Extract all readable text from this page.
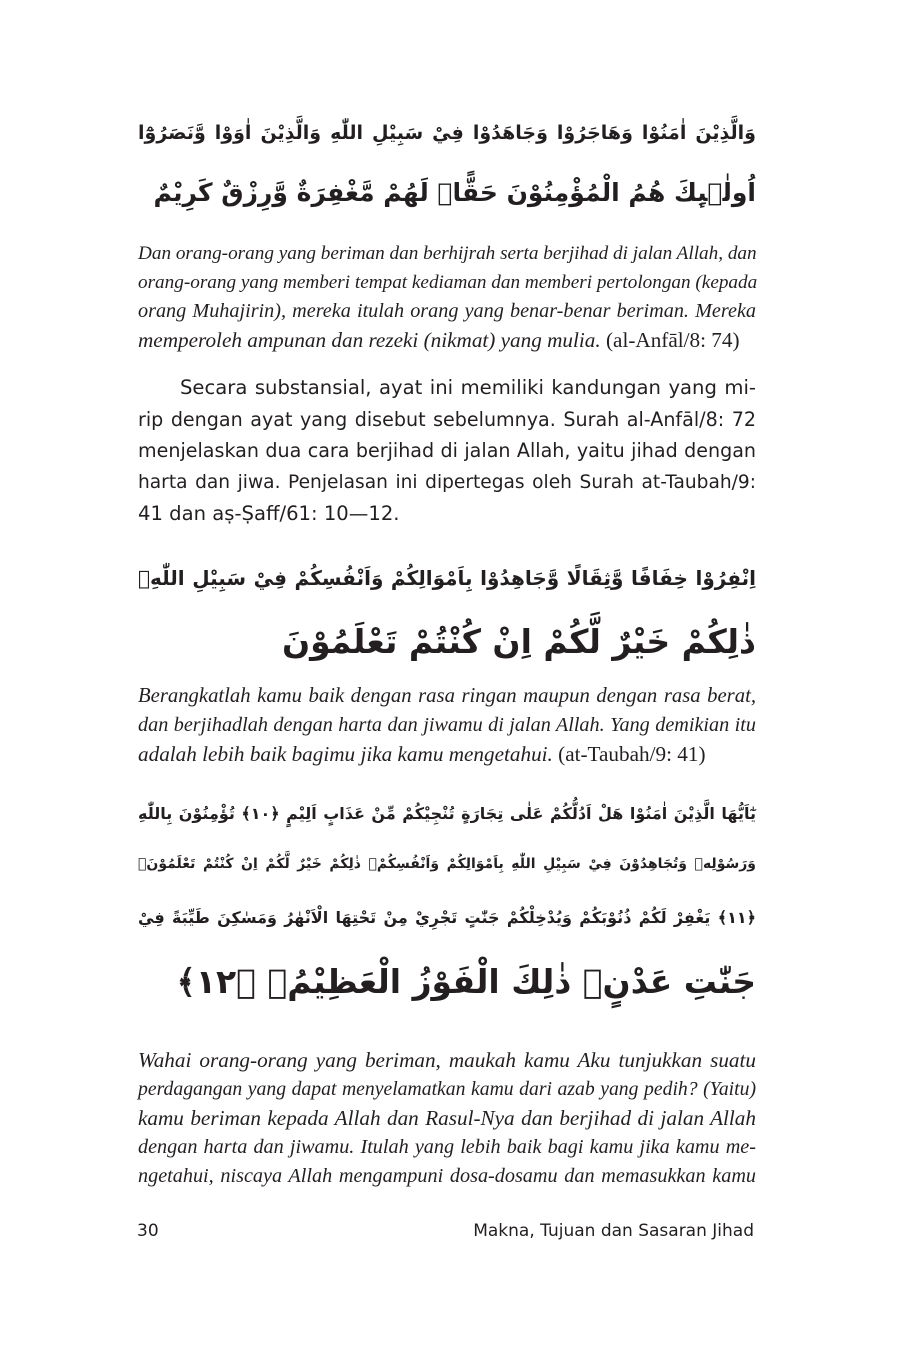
وَالَّذِيْنَ اٰمَنُوْا وَهَاجَرُوْا وَجَاهَدُوْا فِيْ سَبِيْلِ اللّٰهِ وَالَّذِيْنَ اٰوَوْا وَّنَصَرُوْٓا
اُولٰۤىِٕكَ هُمُ الْمُؤْمِنُوْنَ حَقًّاۗ لَهُمْ مَّغْفِرَةٌ وَّرِزْقٌ كَرِيْمٌ
Dan orang-orang yang beriman dan berhijrah serta berjihad di jalan Allah, dan
orang-orang yang memberi tempat kediaman dan memberi pertolongan (kepada
orang Muhajirin), mereka itulah orang yang benar-benar beriman. Mereka
memperoleh ampunan dan rezeki (nikmat) yang mulia. (al-Anfāl/8: 74)
Secara substansial, ayat ini memiliki kandungan yang mi-
rip dengan ayat yang disebut sebelumnya. Surah al-Anfāl/8: 72
menjelaskan dua cara berjihad di jalan Allah, yaitu jihad dengan
harta dan jiwa. Penjelasan ini dipertegas oleh Surah at-Taubah/9:
41 dan aṣ-Ṣaff/61: 10—12.
اِنْفِرُوْا خِفَافًا وَّثِقَالًا وَّجَاهِدُوْا بِاَمْوَالِكُمْ وَاَنْفُسِكُمْ فِيْ سَبِيْلِ اللّٰهِۗ
ذٰلِكُمْ خَيْرٌ لَّكُمْ اِنْ كُنْتُمْ تَعْلَمُوْنَ
Berangkatlah kamu baik dengan rasa ringan maupun dengan rasa berat,
dan berjihadlah dengan harta dan jiwamu di jalan Allah. Yang demikian itu
adalah lebih baik bagimu jika kamu mengetahui. (at-Taubah/9: 41)
يٰٓاَيُّهَا الَّذِيْنَ اٰمَنُوْا هَلْ اَدُلُّكُمْ عَلٰى تِجَارَةٍ تُنْجِيْكُمْ مِّنْ عَذَابٍ اَلِيْمٍ ﴿١٠﴾ تُؤْمِنُوْنَ بِاللّٰهِ
وَرَسُوْلِهٖ وَتُجَاهِدُوْنَ فِيْ سَبِيْلِ اللّٰهِ بِاَمْوَالِكُمْ وَاَنْفُسِكُمْۗ ذٰلِكُمْ خَيْرٌ لَّكُمْ اِنْ كُنْتُمْ تَعْلَمُوْنَۙ
﴿١١﴾ يَغْفِرْ لَكُمْ ذُنُوْبَكُمْ وَيُدْخِلْكُمْ جَنّٰتٍ تَجْرِيْ مِنْ تَحْتِهَا الْاَنْهٰرُ وَمَسٰكِنَ طَيِّبَةً فِيْ
جَنّٰتِ عَدْنٍۗ ذٰلِكَ الْفَوْزُ الْعَظِيْمُۙ ﴿١٢﴾
Wahai orang-orang yang beriman, maukah kamu Aku tunjukkan suatu
perdagangan yang dapat menyelamatkan kamu dari azab yang pedih? (Yaitu)
kamu beriman kepada Allah dan Rasul-Nya dan berjihad di jalan Allah
dengan harta dan jiwamu. Itulah yang lebih baik bagi kamu jika kamu me-
ngetahui, niscaya Allah mengampuni dosa-dosamu dan memasukkan kamu
30	Makna, Tujuan dan Sasaran Jihad
